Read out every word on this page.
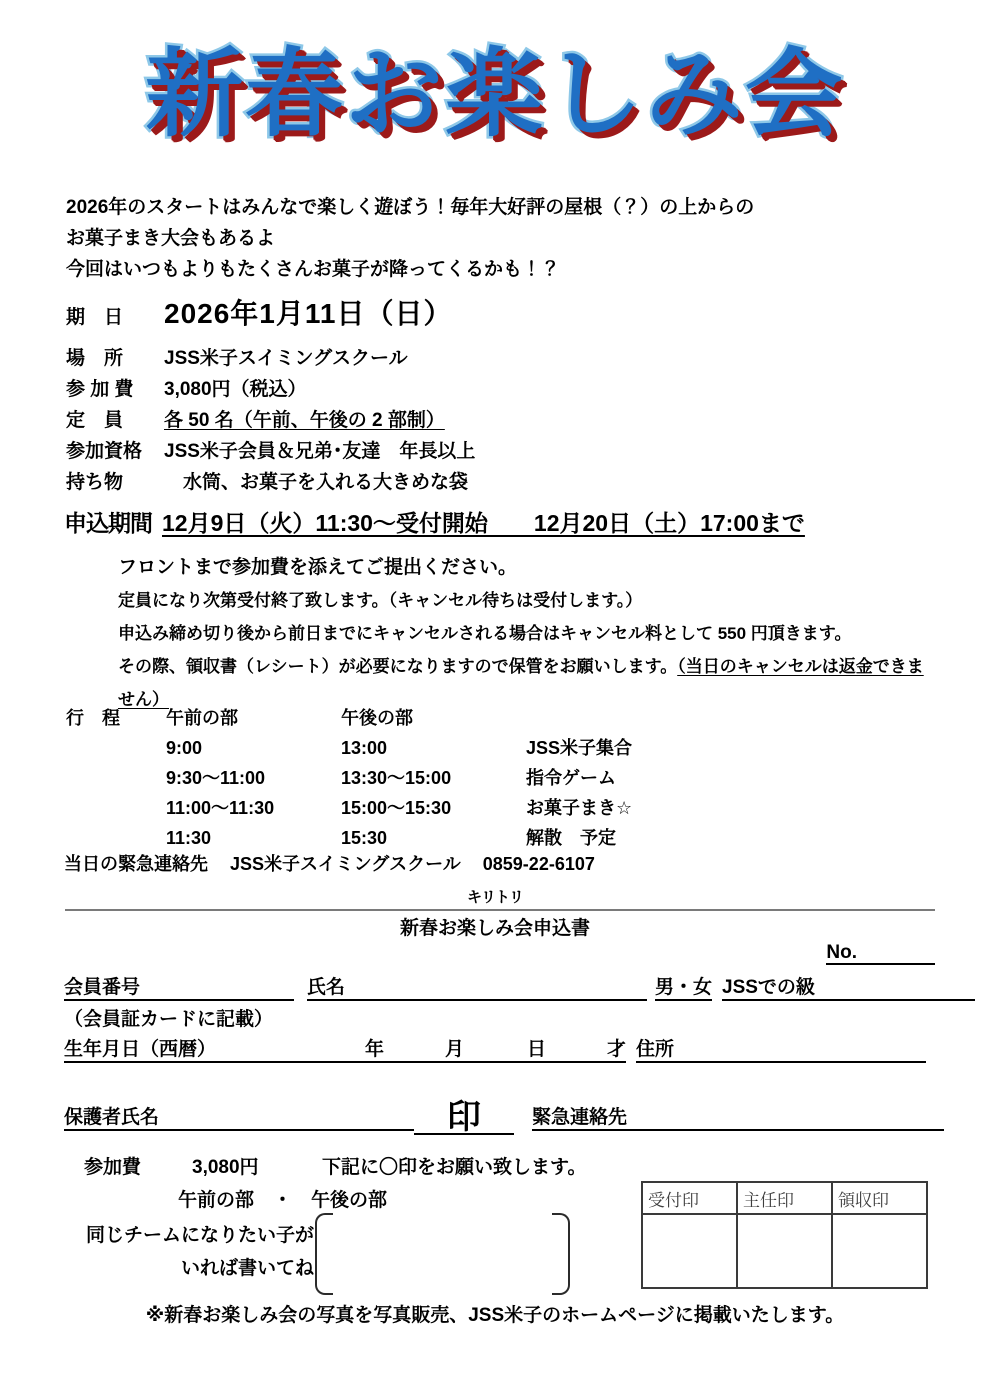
新春お楽しみ会
2026年のスタートはみんなで楽しく遊ぼう！毎年大好評の屋根（？）の上からの
お菓子まき大会もあるよ
今回はいつもよりもたくさんお菓子が降ってくるかも！？
期　日 2026年1月11日（日）
場　所 JSS米子スイミングスクール
参 加 費 3,080円（税込）
定　員 各 50 名（午前、午後の 2 部制）
参加資格 JSS米子会員＆兄弟･友達　年長以上
持ち物　水筒、お菓子を入れる大きめな袋
申込期間 12月9日（火）11:30～受付開始　　12月20日（土）17:00まで
フロントまで参加費を添えてご提出ください。
定員になり次第受付終了致します。（キャンセル待ちは受付します。）
申込み締め切り後から前日までにキャンセルされる場合はキャンセル料として 550 円頂きます。
その際、領収書（レシート）が必要になりますので保管をお願いします。（当日のキャンセルは返金できません）
行　程	午前の部	午後の部
9:00	13:00	JSS米子集合
9:30～11:00	13:30～15:00	指令ゲーム
11:00～11:30	15:00～15:30	お菓子まき☆
11:30	15:30	解散　予定
当日の緊急連絡先 JSS米子スイミングスクール 0859-22-6107
キリトリ
新春お楽しみ会申込書
No.
会員番号	氏名	男・女 JSSでの級
（会員証カードに記載）
生年月日（西暦）	年	月	日	才 住所
保護者氏名	印	緊急連絡先
参加費	3,080円	下記に〇印をお願い致します。
午前の部　・　午後の部
同じチームになりたい子が
いれば書いてね
受付印	主任印	領収印

※新春お楽しみ会の写真を写真販売、JSS米子のホームページに掲載いたします。
